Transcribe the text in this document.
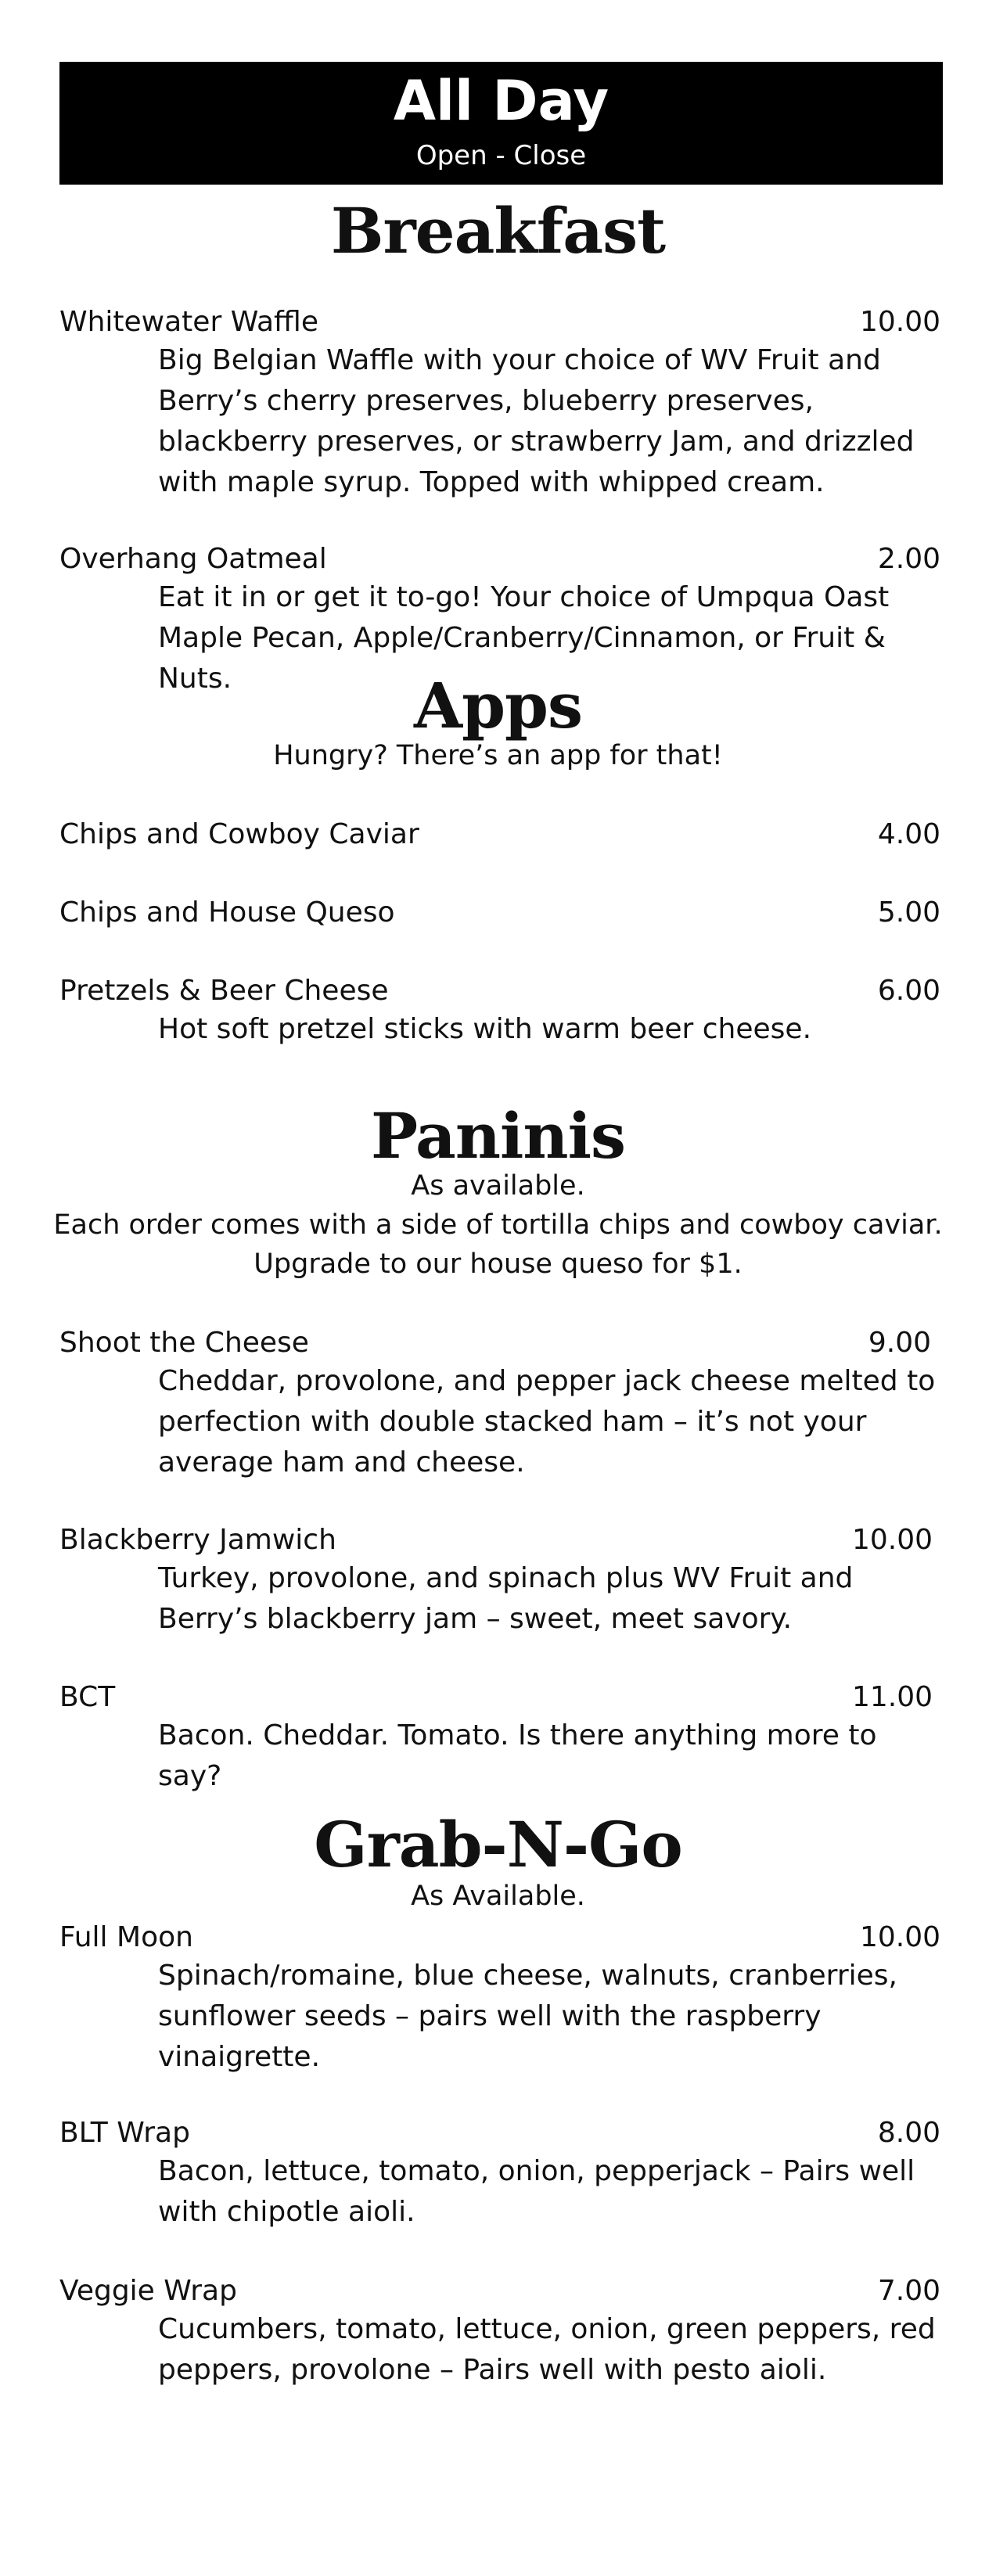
All Day
Open - Close
Breakfast
Whitewater Waffle	10.00
Big Belgian Waffle with your choice of WV Fruit and Berry’s cherry preserves, blueberry preserves, blackberry preserves, or strawberry Jam, and drizzled with maple syrup. Topped with whipped cream.
Overhang Oatmeal	2.00
Eat it in or get it to-go! Your choice of Umpqua Oast Maple Pecan, Apple/Cranberry/Cinnamon, or Fruit & Nuts.	Apps
Hungry? There’s an app for that!
Chips and Cowboy Caviar	4.00
Chips and House Queso	5.00
Pretzels & Beer Cheese	6.00
Hot soft pretzel sticks with warm beer cheese.
Paninis
As available.
Each order comes with a side of tortilla chips and cowboy caviar.
Upgrade to our house queso for $1.
Shoot the Cheese	9.00
Cheddar, provolone, and pepper jack cheese melted to perfection with double stacked ham – it’s not your average ham and cheese.
Blackberry Jamwich	10.00
Turkey, provolone, and spinach plus WV Fruit and Berry’s blackberry jam – sweet, meet savory.
BCT	11.00
Bacon. Cheddar. Tomato. Is there anything more to say?
Grab-N-Go
As Available.
Full Moon	10.00
Spinach/romaine, blue cheese, walnuts, cranberries, sunflower seeds – pairs well with the raspberry vinaigrette.
BLT Wrap	8.00
Bacon, lettuce, tomato, onion, pepperjack – Pairs well with chipotle aioli.
Veggie Wrap	7.00
Cucumbers, tomato, lettuce, onion, green peppers, red peppers, provolone – Pairs well with pesto aioli.
